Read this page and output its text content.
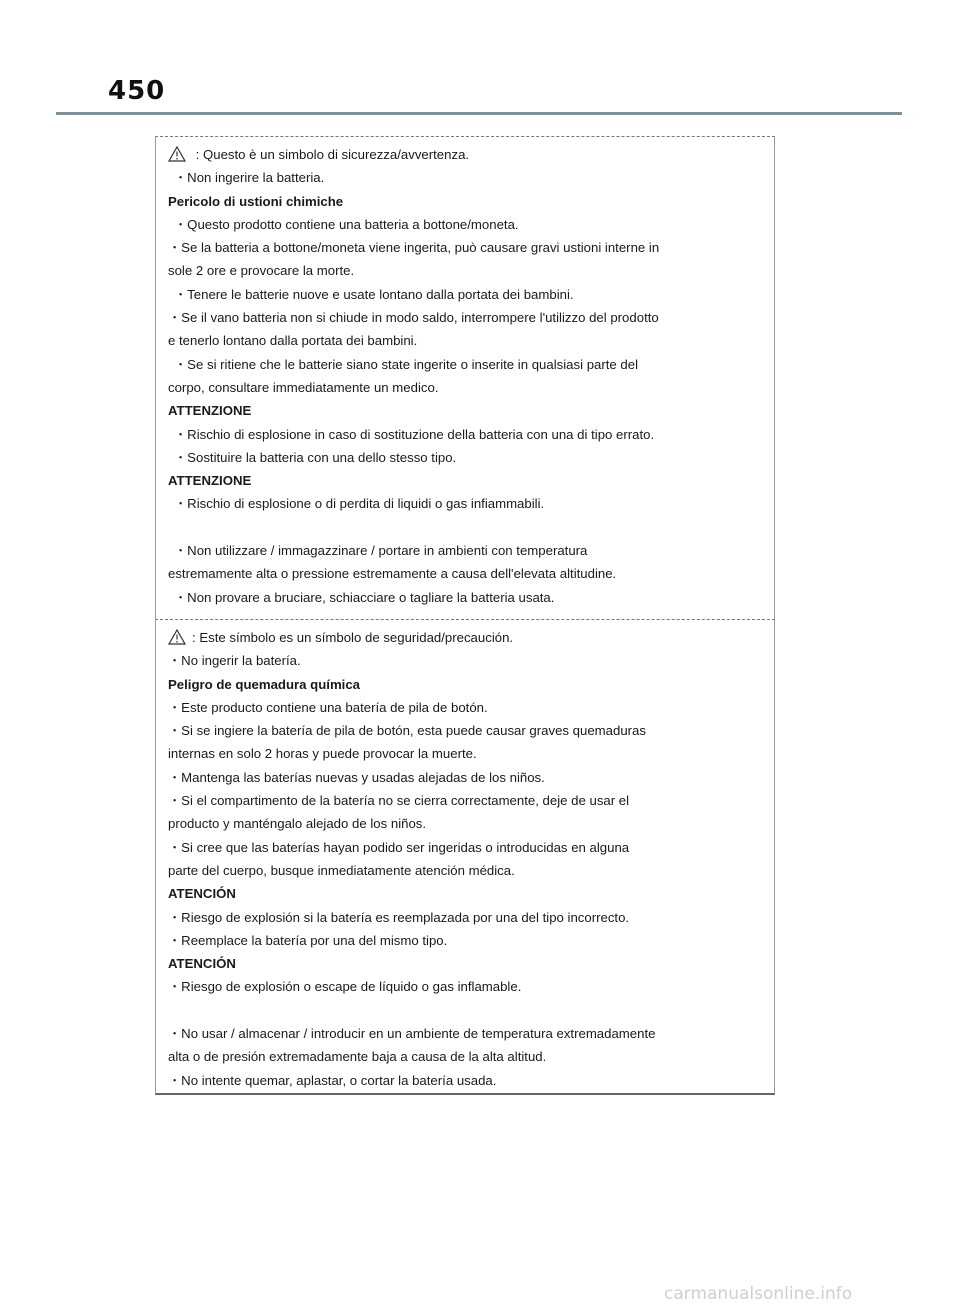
450
: Questo è un simbolo di sicurezza/avvertenza.
・Non ingerire la batteria.
Pericolo di ustioni chimiche
・Questo prodotto contiene una batteria a bottone/moneta.
・Se la batteria a bottone/moneta viene ingerita, può causare gravi ustioni interne in
sole 2 ore e provocare la morte.
・Tenere le batterie nuove e usate lontano dalla portata dei bambini.
・Se il vano batteria non si chiude in modo saldo, interrompere l'utilizzo del prodotto
e tenerlo lontano dalla portata dei bambini.
・Se si ritiene che le batterie siano state ingerite o inserite in qualsiasi parte del
corpo, consultare immediatamente un medico.
ATTENZIONE
・Rischio di esplosione in caso di sostituzione della batteria con una di tipo errato.
・Sostituire la batteria con una dello stesso tipo.
ATTENZIONE
・Rischio di esplosione o di perdita di liquidi o gas infiammabili.
・Non utilizzare / immagazzinare / portare in ambienti con temperatura
estremamente alta o pressione estremamente a causa dell'elevata altitudine.
・Non provare a bruciare, schiacciare o tagliare la batteria usata.
: Este símbolo es un símbolo de seguridad/precaución.
・No ingerir la batería.
Peligro de quemadura química
・Este producto contiene una batería de pila de botón.
・Si se ingiere la batería de pila de botón, esta puede causar graves quemaduras
internas en solo 2 horas y puede provocar la muerte.
・Mantenga las baterías nuevas y usadas alejadas de los niños.
・Si el compartimento de la batería no se cierra correctamente, deje de usar el
producto y manténgalo alejado de los niños.
・Si cree que las baterías hayan podido ser ingeridas o introducidas en alguna
parte del cuerpo, busque inmediatamente atención médica.
ATENCIÓN
・Riesgo de explosión si la batería es reemplazada por una del tipo incorrecto.
・Reemplace la batería por una del mismo tipo.
ATENCIÓN
・Riesgo de explosión o escape de líquido o gas inflamable.
・No usar / almacenar / introducir en un ambiente de temperatura extremadamente
alta o de presión extremadamente baja a causa de la alta altitud.
・No intente quemar, aplastar, o cortar la batería usada.
carmanualsonline.info
